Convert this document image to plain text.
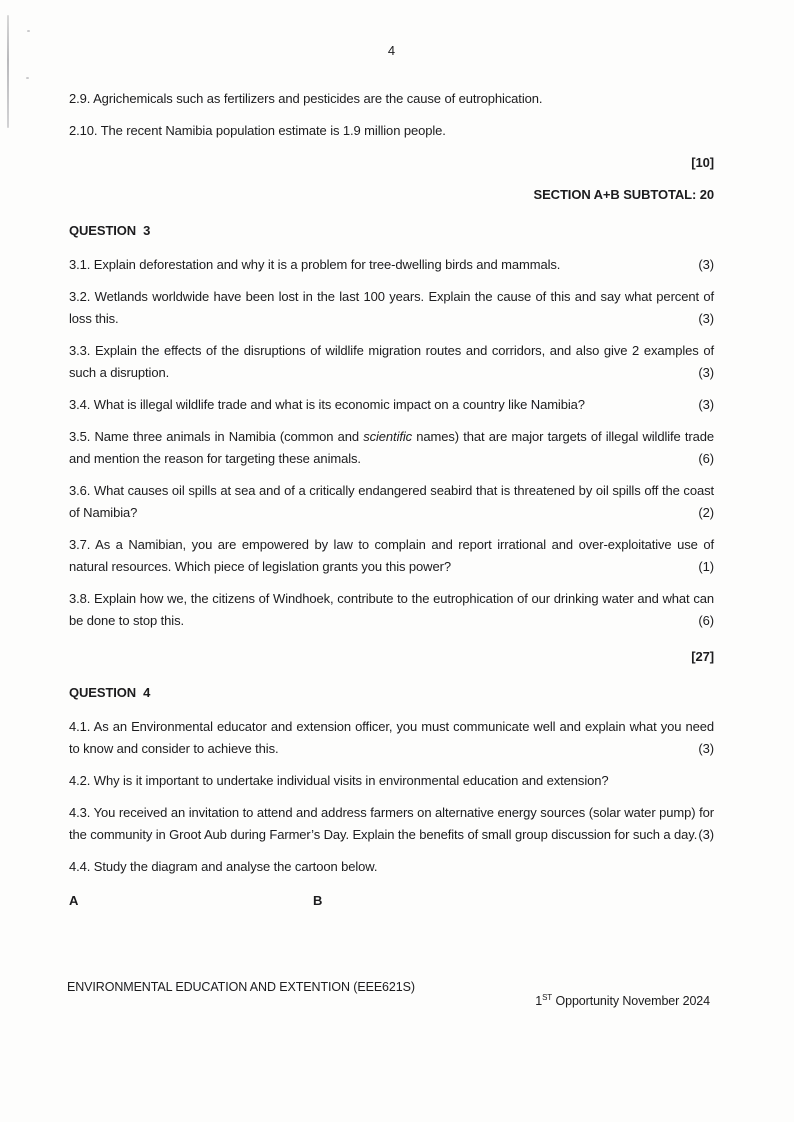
4

2.9. Agrichemicals such as fertilizers and pesticides are the cause of eutrophication.

2.10. The recent Namibia population estimate is 1.9 million people.

[10]

SECTION A+B SUBTOTAL: 20

QUESTION  3

3.1. Explain deforestation and why it is a problem for tree-dwelling birds and mammals.	(3)

3.2. Wetlands worldwide have been lost in the last 100 years. Explain the cause of this and say what percent of loss this.	(3)

3.3. Explain the effects of the disruptions of wildlife migration routes and corridors, and also give 2 examples of such a disruption.	(3)

3.4. What is illegal wildlife trade and what is its economic impact on a country like Namibia?	(3)

3.5. Name three animals in Namibia (common and scientific names) that are major targets of illegal wildlife trade and mention the reason for targeting these animals.	(6)

3.6. What causes oil spills at sea and of a critically endangered seabird that is threatened by oil spills off the coast of Namibia?	(2)

3.7. As a Namibian, you are empowered by law to complain and report irrational and over-exploitative use of natural resources. Which piece of legislation grants you this power?	(1)

3.8. Explain how we, the citizens of Windhoek, contribute to the eutrophication of our drinking water and what can be done to stop this.	(6)

[27]

QUESTION  4

4.1. As an Environmental educator and extension officer, you must communicate well and explain what you need to know and consider to achieve this.	(3)

4.2. Why is it important to undertake individual visits in environmental education and extension?

4.3. You received an invitation to attend and address farmers on alternative energy sources (solar water pump) for the community in Groot Aub during Farmer’s Day. Explain the benefits of small group discussion for such a day. (3)

4.4. Study the diagram and analyse the cartoon below.

A	B
ENVIRONMENTAL EDUCATION AND EXTENTION (EEE621S)
1ST Opportunity November 2024
